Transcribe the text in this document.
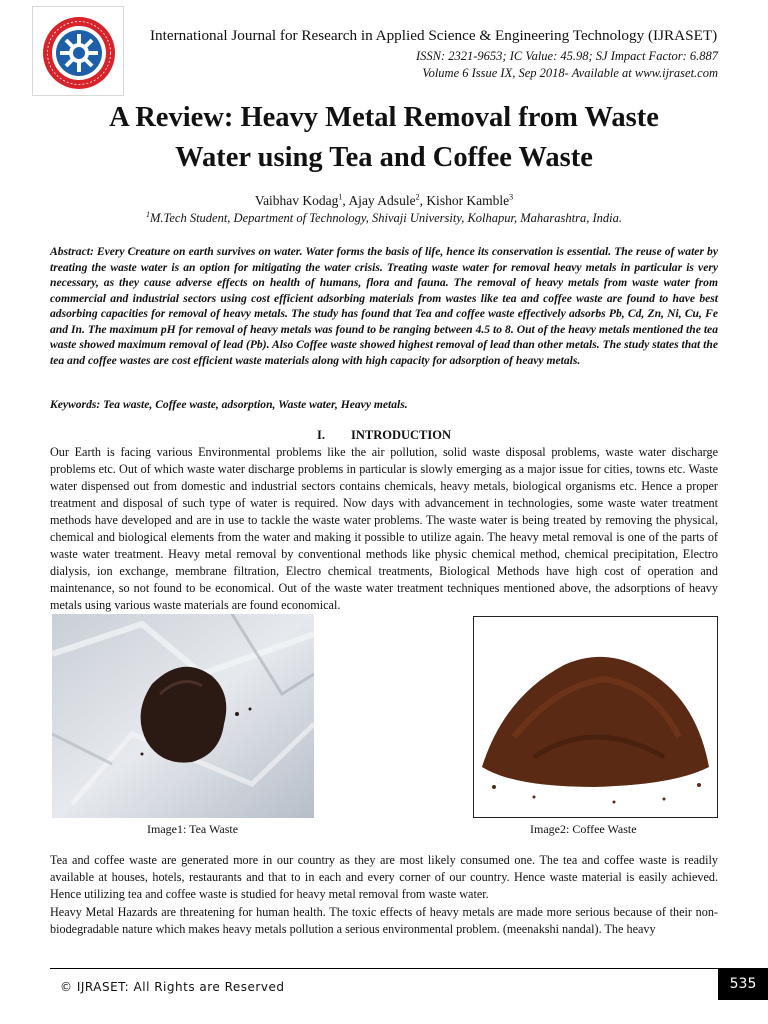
International Journal for Research in Applied Science & Engineering Technology (IJRASET)
ISSN: 2321-9653; IC Value: 45.98; SJ Impact Factor: 6.887
Volume 6 Issue IX, Sep 2018- Available at www.ijraset.com
A Review: Heavy Metal Removal from Waste
Water using Tea and Coffee Waste
Vaibhav Kodag$^1$, Ajay Adsule$^2$, Kishor Kamble$^3$
$^1$M.Tech Student, Department of Technology, Shivaji University, Kolhapur, Maharashtra, India.
Abstract: Every Creature on earth survives on water. Water forms the basis of life, hence its conservation is essential. The reuse of water by treating the waste water is an option for mitigating the water crisis. Treating waste water for removal heavy metals in particular is very necessary, as they cause adverse effects on health of humans, flora and fauna. The removal of heavy metals from waste water from commercial and industrial sectors using cost efficient adsorbing materials from wastes like tea and coffee waste are found to have best adsorbing capacities for removal of heavy metals. The study has found that Tea and coffee waste effectively adsorbs Pb, Cd, Zn, Ni, Cu, Fe and In. The maximum pH for removal of heavy metals was found to be ranging between 4.5 to 8. Out of the heavy metals mentioned the tea waste showed maximum removal of lead (Pb). Also Coffee waste showed highest removal of lead than other metals. The study states that the tea and coffee wastes are cost efficient waste materials along with high capacity for adsorption of heavy metals.
Keywords: Tea waste, Coffee waste, adsorption, Waste water, Heavy metals.
I. INTRODUCTION
Our Earth is facing various Environmental problems like the air pollution, solid waste disposal problems, waste water discharge problems etc. Out of which waste water discharge problems in particular is slowly emerging as a major issue for cities, towns etc. Waste water dispensed out from domestic and industrial sectors contains chemicals, heavy metals, biological organisms etc. Hence a proper treatment and disposal of such type of water is required. Now days with advancement in technologies, some waste water treatment methods have developed and are in use to tackle the waste water problems. The waste water is being treated by removing the physical, chemical and biological elements from the water and making it possible to utilize again. The heavy metal removal is one of the parts of waste water treatment. Heavy metal removal by conventional methods like physic chemical method, chemical precipitation, Electro dialysis, ion exchange, membrane filtration, Electro chemical treatments, Biological Methods have high cost of operation and maintenance, so not found to be economical. Out of the waste water treatment techniques mentioned above, the adsorptions of heavy metals using various waste materials are found economical.
Image1: Tea Waste	Image2: Coffee Waste
Tea and coffee waste are generated more in our country as they are most likely consumed one. The tea and coffee waste is readily available at houses, hotels, restaurants and that to in each and every corner of our country. Hence waste material is easily achieved. Hence utilizing tea and coffee waste is studied for heavy metal removal from waste water.
Heavy Metal Hazards are threatening for human health. The toxic effects of heavy metals are made more serious because of their non-biodegradable nature which makes heavy metals pollution a serious environmental problem. (meenakshi nandal). The heavy
© IJRASET: All Rights are Reserved	535
